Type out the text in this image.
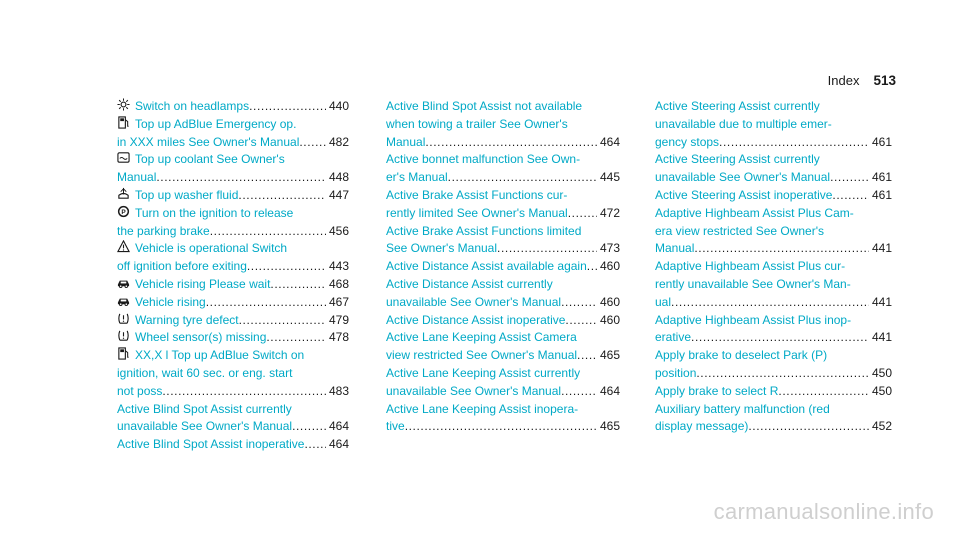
Index 513
Switch on headlamps .....	440
Top up AdBlue Emergency op.
in XXX miles See Owner's Manual ..... 482
Top up coolant See Owner's
Manual .....	448
Top up washer fluid .....	447
P Turn on the ignition to release
the parking brake .....	456
Vehicle is operational Switch
off ignition before exiting .....	443
Vehicle rising Please wait .....	468
Vehicle rising .....	467
Warning tyre defect .....	479
Wheel sensor(s) missing .....	478
XX,X l Top up AdBlue Switch on
ignition, wait 60 sec. or eng. start
not poss .....	483
Active Blind Spot Assist currently
unavailable See Owner's Manual .....	464
Active Blind Spot Assist inoperative ..... 464
Active Blind Spot Assist not available
when towing a trailer See Owner's
Manual .....	464
Active bonnet malfunction See Own-
er's Manual .....	445
Active Brake Assist Functions cur-
rently limited See Owner's Manual .....	472
Active Brake Assist Functions limited
See Owner's Manual .....	473
Active Distance Assist available again ..... 460
Active Distance Assist currently
unavailable See Owner's Manual .....	460
Active Distance Assist inoperative .....	460
Active Lane Keeping Assist Camera
view restricted See Owner's Manual ..... 465
Active Lane Keeping Assist currently
unavailable See Owner's Manual .....	464
Active Lane Keeping Assist inopera-
tive .....	465
Active Steering Assist currently
unavailable due to multiple emer-
gency stops .....	461
Active Steering Assist currently
unavailable See Owner's Manual .....	461
Active Steering Assist inoperative .....	461
Adaptive Highbeam Assist Plus Cam-
era view restricted See Owner's
Manual .....	441
Adaptive Highbeam Assist Plus cur-
rently unavailable See Owner's Man-
ual .....	441
Adaptive Highbeam Assist Plus inop-
erative .....	441
Apply brake to deselect Park (P)
position .....	450
Apply brake to select R .....	450
Auxiliary battery malfunction (red
display message) .....	452
carmanualsonline.info
